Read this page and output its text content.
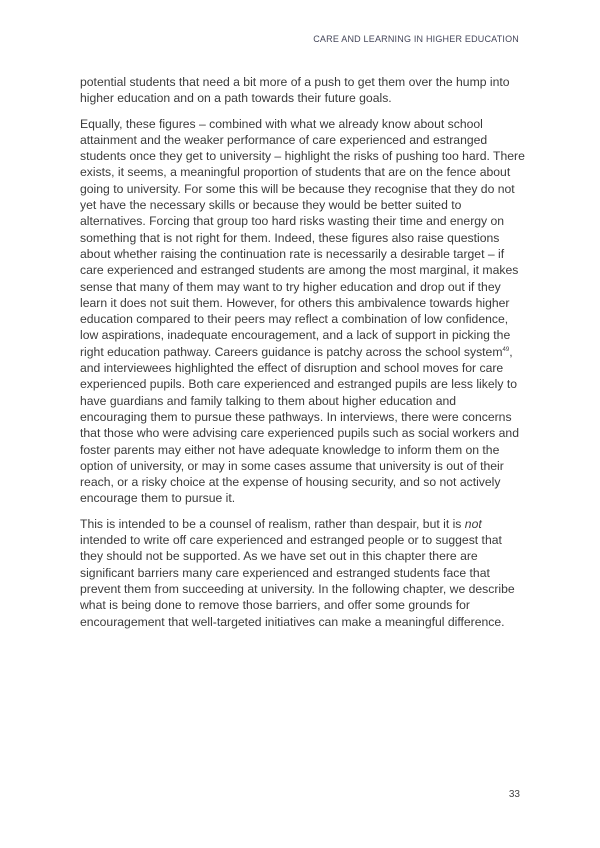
CARE AND LEARNING IN HIGHER EDUCATION

potential students that need a bit more of a push to get them over the hump into higher education and on a path towards their future goals.

Equally, these figures – combined with what we already know about school attainment and the weaker performance of care experienced and estranged students once they get to university – highlight the risks of pushing too hard. There exists, it seems, a meaningful proportion of students that are on the fence about going to university. For some this will be because they recognise that they do not yet have the necessary skills or because they would be better suited to alternatives. Forcing that group too hard risks wasting their time and energy on something that is not right for them. Indeed, these figures also raise questions about whether raising the continuation rate is necessarily a desirable target – if care experienced and estranged students are among the most marginal, it makes sense that many of them may want to try higher education and drop out if they learn it does not suit them. However, for others this ambivalence towards higher education compared to their peers may reflect a combination of low confidence, low aspirations, inadequate encouragement, and a lack of support in picking the right education pathway. Careers guidance is patchy across the school system$^{49}$, and interviewees highlighted the effect of disruption and school moves for care experienced pupils. Both care experienced and estranged pupils are less likely to have guardians and family talking to them about higher education and encouraging them to pursue these pathways. In interviews, there were concerns that those who were advising care experienced pupils such as social workers and foster parents may either not have adequate knowledge to inform them on the option of university, or may in some cases assume that university is out of their reach, or a risky choice at the expense of housing security, and so not actively encourage them to pursue it.

This is intended to be a counsel of realism, rather than despair, but it is not intended to write off care experienced and estranged people or to suggest that they should not be supported. As we have set out in this chapter there are significant barriers many care experienced and estranged students face that prevent them from succeeding at university. In the following chapter, we describe what is being done to remove those barriers, and offer some grounds for encouragement that well-targeted initiatives can make a meaningful difference.

33
